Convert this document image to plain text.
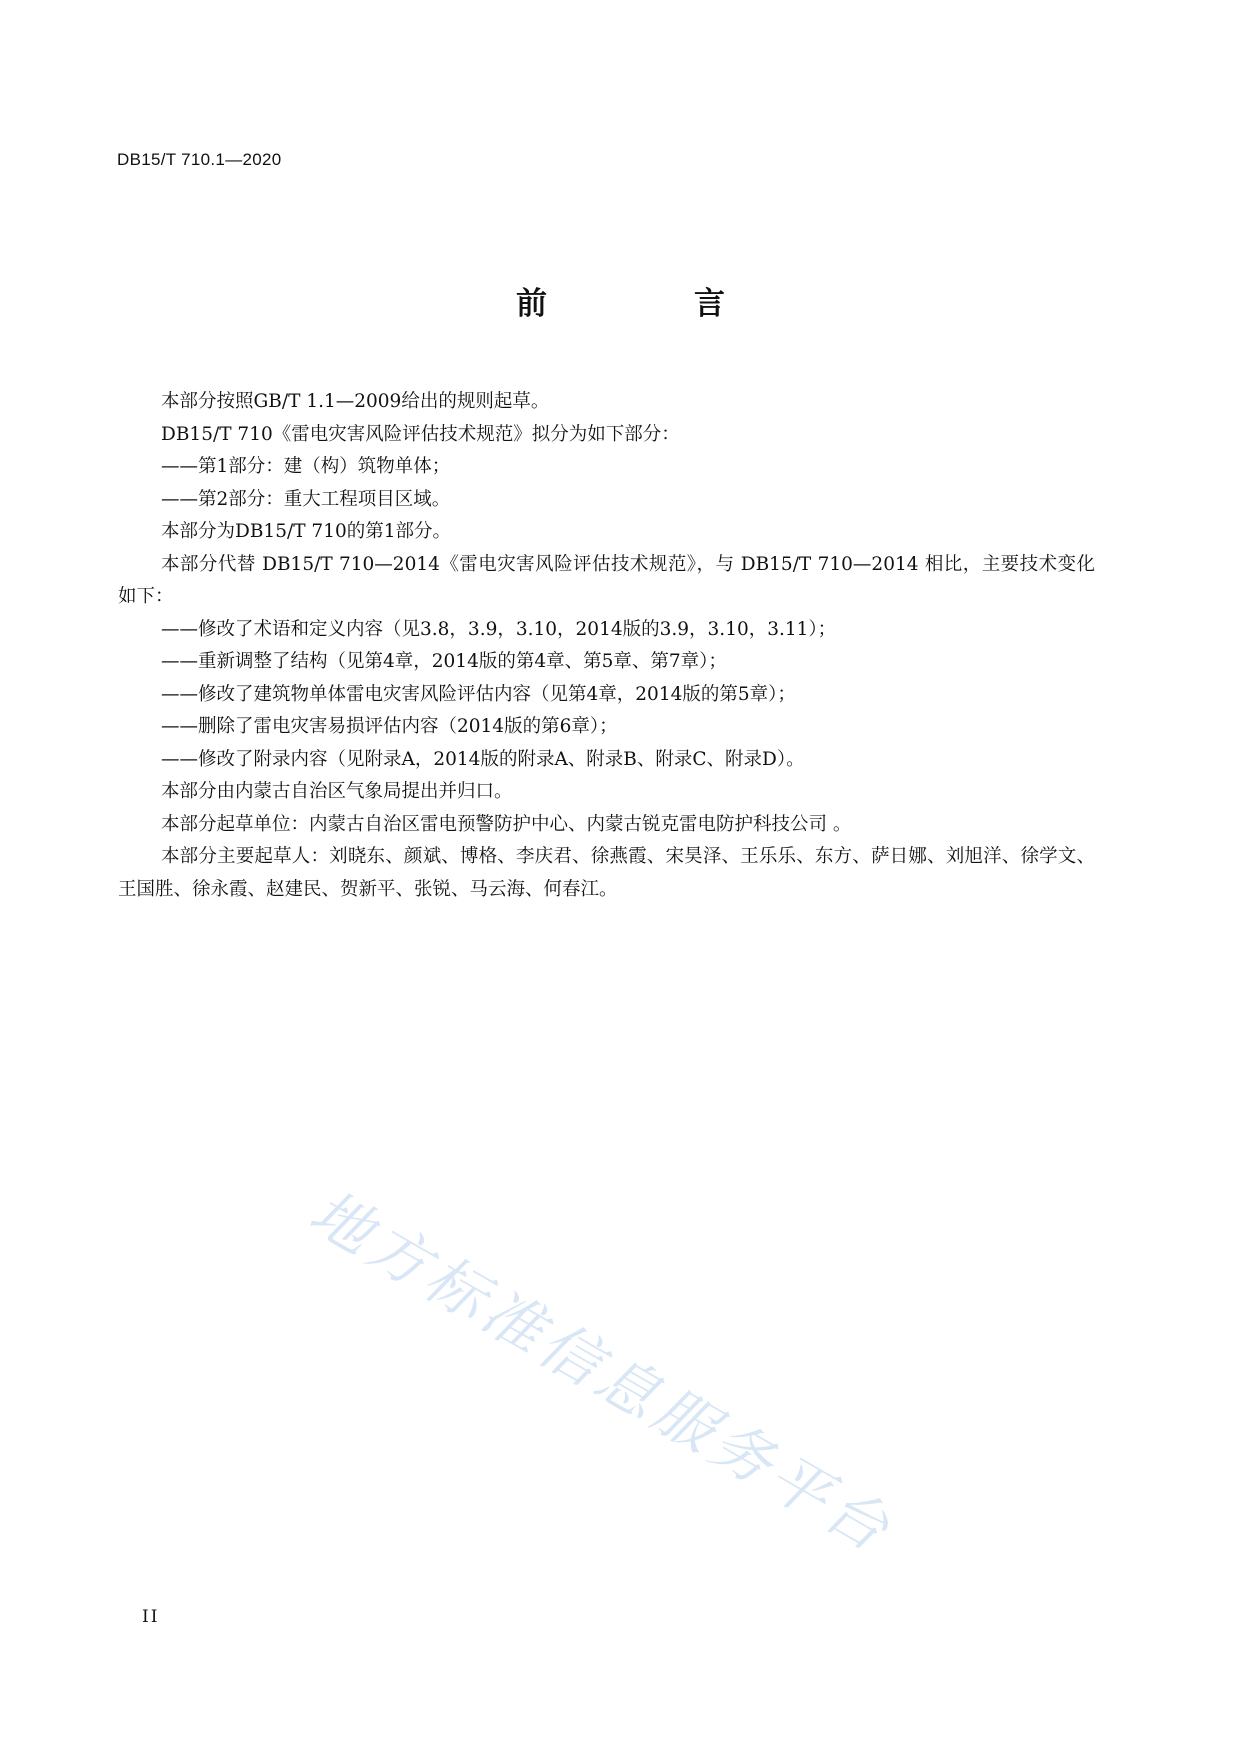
DB15/T 710.1—2020
前　言

本部分按照GB/T 1.1—2009给出的规则起草。

DB15/T 710《雷电灾害风险评估技术规范》拟分为如下部分：

——第1部分：建（构）筑物单体；

——第2部分：重大工程项目区域。

本部分为DB15/T 710的第1部分。

本部分代替 DB15/T 710—2014《雷电灾害风险评估技术规范》，与 DB15/T 710—2014 相比，主要技术变化如下：

——修改了术语和定义内容（见3.8，3.9，3.10，2014版的3.9，3.10，3.11）；

——重新调整了结构（见第4章，2014版的第4章、第5章、第7章）；

——修改了建筑物单体雷电灾害风险评估内容（见第4章，2014版的第5章）；

——删除了雷电灾害易损评估内容（2014版的第6章）；

——修改了附录内容（见附录A，2014版的附录A、附录B、附录C、附录D）。

本部分由内蒙古自治区气象局提出并归口。

本部分起草单位：内蒙古自治区雷电预警防护中心、内蒙古锐克雷电防护科技公司 。

本部分主要起草人：刘晓东、颜斌、博格、李庆君、徐燕霞、宋昊泽、王乐乐、东方、萨日娜、刘旭洋、徐学文、王国胜、徐永霞、赵建民、贺新平、张锐、马云海、何春江。

地方标准信息服务平台
II
